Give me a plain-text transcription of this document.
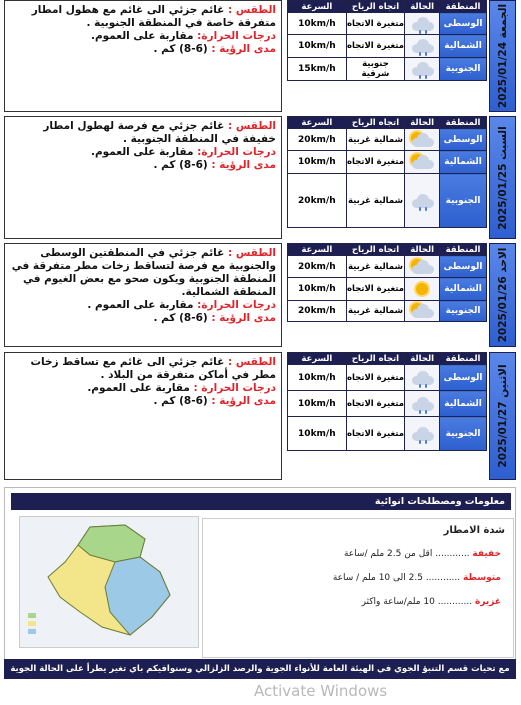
الطقس : غائم جزئي الى غائم مع هطول امطار متفرقة خاصة في المنطقة الجنوبية .
درجات الحرارة: مقاربة على العموم.
مدى الرؤية : (6-8) كم .
المنطقة	الحالة	اتجاه الرياح	السرعة
الوسطى		متغيرة الاتجاه	10km/h
الشمالية		متغيرة الاتجاه	10km/h
الجنوبية		جنوبية شرقية	15km/h	الجمعة 2025/01/24
الطقس : غائم جزئي مع فرصة لهطول امطار خفيفة في المنطقة الجنوبية .
درجات الحرارة: مقاربة على العموم.
مدى الرؤية : (6-8) كم .
المنطقة	الحالة	اتجاه الرياح	السرعة
الوسطى		شمالية غربية	20km/h
الشمالية		متغيرة الاتجاه	10km/h
الجنوبية		شمالية غربية	20km/h	السبت 2025/01/25
الطقس : غائم جزئي في المنطقتين الوسطى والجنوبية مع فرصة لتساقط زخات مطر متفرقة في المنطقة الجنوبية ويكون صحو مع بعض الغيوم في المنطقة الشمالية.
درجات الحرارة: مقاربة على العموم .
مدى الرؤية : (6-8) كم .
المنطقة	الحالة	اتجاه الرياح	السرعة
الوسطى		شمالية غربية	20km/h
الشمالية		متغيرة الاتجاه	10km/h
الجنوبية		شمالية غربية	20km/h	الاحد 2025/01/26
الطقس : غائم جزئي الى غائم مع تساقط زخات مطر في أماكن متفرقة من البلاد .
درجات الحرارة : مقاربة على العموم.
مدى الرؤية : (6-8) كم .
المنطقة	الحالة	اتجاه الرياح	السرعة
الوسطى		متغيرة الاتجاه	10km/h
الشمالية		متغيرة الاتجاه	10km/h
الجنوبية		متغيرة الاتجاه	10km/h	الاثنين 2025/01/27
معلومات ومصطلحات انوائية
شدة الامطار
خفيفة ............ اقل من 2.5 ملم /ساعة
متوسطة ............ 2.5 الى 10 ملم / ساعة
غزيرة ............ 10 ملم/ساعة واكثر
مع تحيات قسم التنبؤ الجوي في الهيئة العامة للأنواء الجوية والرصد الزلزالي وسنوافيكم باي تغير يطرأ على الحالة الجوية
Activate Windows
